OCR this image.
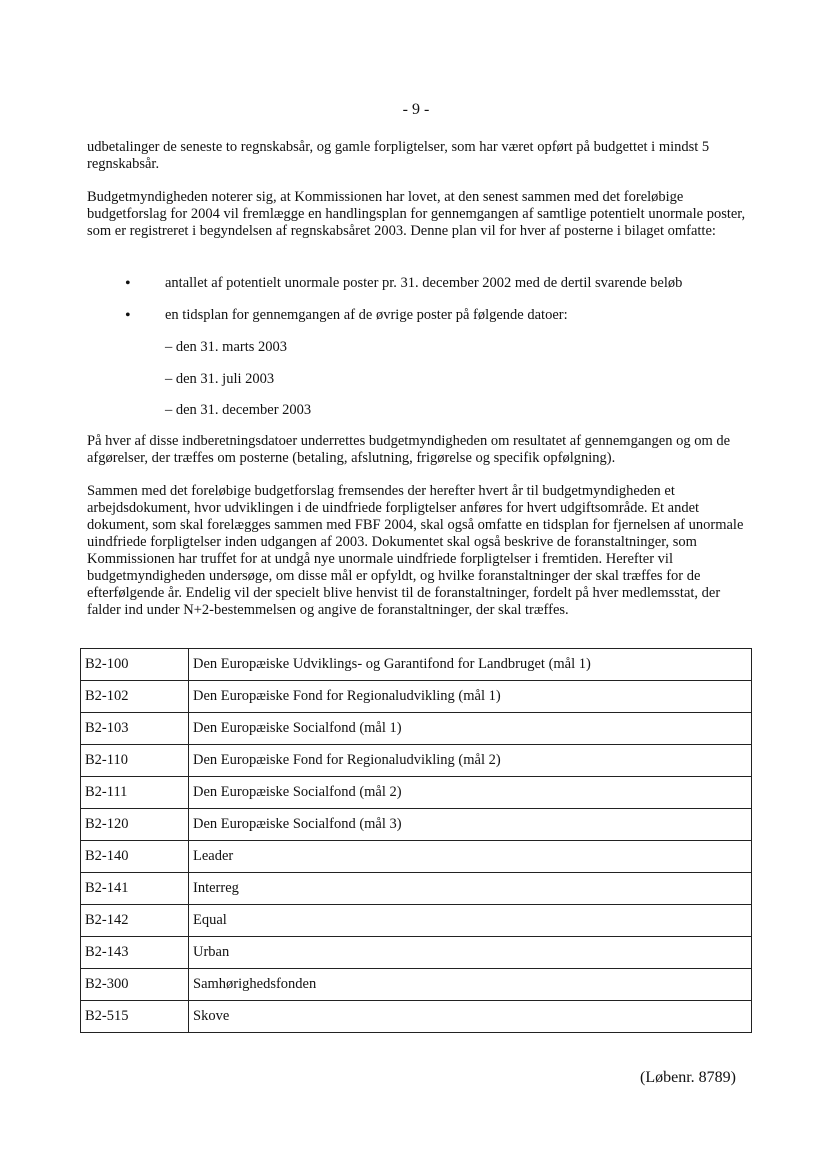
- 9 -

udbetalinger de seneste to regnskabsår, og gamle forpligtelser, som har været opført på budgettet i mindst 5 regnskabsår.

Budgetmyndigheden noterer sig, at Kommissionen har lovet, at den senest sammen med det foreløbige budgetforslag for 2004 vil fremlægge en handlingsplan for gennemgangen af samtlige potentielt unormale poster, som er registreret i begyndelsen af regnskabsåret 2003. Denne plan vil for hver af posterne i bilaget omfatte:

• antallet af potentielt unormale poster pr. 31. december 2002 med de dertil svarende beløb
• en tidsplan for gennemgangen af de øvrige poster på følgende datoer:
– den 31. marts 2003
– den 31. juli 2003
– den 31. december 2003

På hver af disse indberetningsdatoer underrettes budgetmyndigheden om resultatet af gennemgangen og om de afgørelser, der træffes om posterne (betaling, afslutning, frigørelse og specifik opfølgning).

Sammen med det foreløbige budgetforslag fremsendes der herefter hvert år til budgetmyndigheden et arbejdsdokument, hvor udviklingen i de uindfriede forpligtelser anføres for hvert udgiftsområde. Et andet dokument, som skal forelægges sammen med FBF 2004, skal også omfatte en tidsplan for fjernelsen af unormale uindfriede forpligtelser inden udgangen af 2003. Dokumentet skal også beskrive de foranstaltninger, som Kommissionen har truffet for at undgå nye unormale uindfriede forpligtelser i fremtiden. Herefter vil budgetmyndigheden undersøge, om disse mål er opfyldt, og hvilke foranstaltninger der skal træffes for de efterfølgende år. Endelig vil der specielt blive henvist til de foranstaltninger, fordelt på hver medlemsstat, der falder ind under N+2-bestemmelsen og angive de foranstaltninger, der skal træffes.

B2-100	Den Europæiske Udviklings- og Garantifond for Landbruget (mål 1)
B2-102	Den Europæiske Fond for Regionaludvikling (mål 1)
B2-103	Den Europæiske Socialfond (mål 1)
B2-110	Den Europæiske Fond for Regionaludvikling (mål 2)
B2-111	Den Europæiske Socialfond (mål 2)
B2-120	Den Europæiske Socialfond (mål 3)
B2-140	Leader
B2-141	Interreg
B2-142	Equal
B2-143	Urban
B2-300	Samhørighedsfonden
B2-515	Skove
(Løbenr. 8789)
